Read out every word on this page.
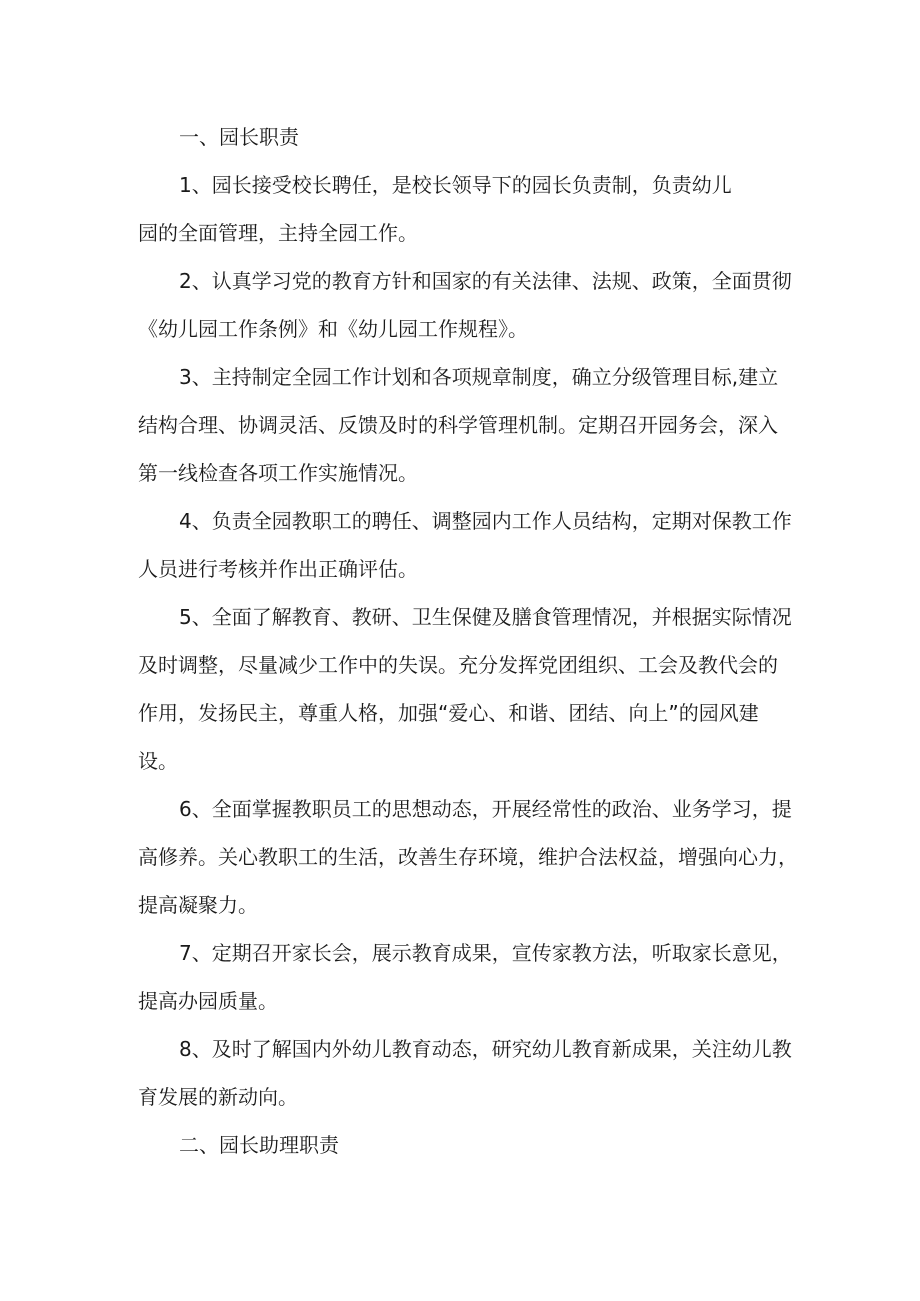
一、园长职责
1、园长接受校长聘任，是校长领导下的园长负责制，负责幼儿
园的全面管理，主持全园工作。
2、认真学习党的教育方针和国家的有关法律、法规、政策，全面贯彻
《幼儿园工作条例》和《幼儿园工作规程》。
3、主持制定全园工作计划和各项规章制度，确立分级管理目标,建立
结构合理、协调灵活、反馈及时的科学管理机制。定期召开园务会，深入
第一线检查各项工作实施情况。
4、负责全园教职工的聘任、调整园内工作人员结构，定期对保教工作
人员进行考核并作出正确评估。
5、全面了解教育、教研、卫生保健及膳食管理情况，并根据实际情况
及时调整，尽量减少工作中的失误。充分发挥党团组织、工会及教代会的
作用，发扬民主，尊重人格，加强“爱心、和谐、团结、向上”的园风建
设。
6、全面掌握教职员工的思想动态，开展经常性的政治、业务学习，提
高修养。关心教职工的生活，改善生存环境，维护合法权益，增强向心力，
提高凝聚力。
7、定期召开家长会，展示教育成果，宣传家教方法，听取家长意见，
提高办园质量。
8、及时了解国内外幼儿教育动态，研究幼儿教育新成果，关注幼儿教
育发展的新动向。
二、园长助理职责
